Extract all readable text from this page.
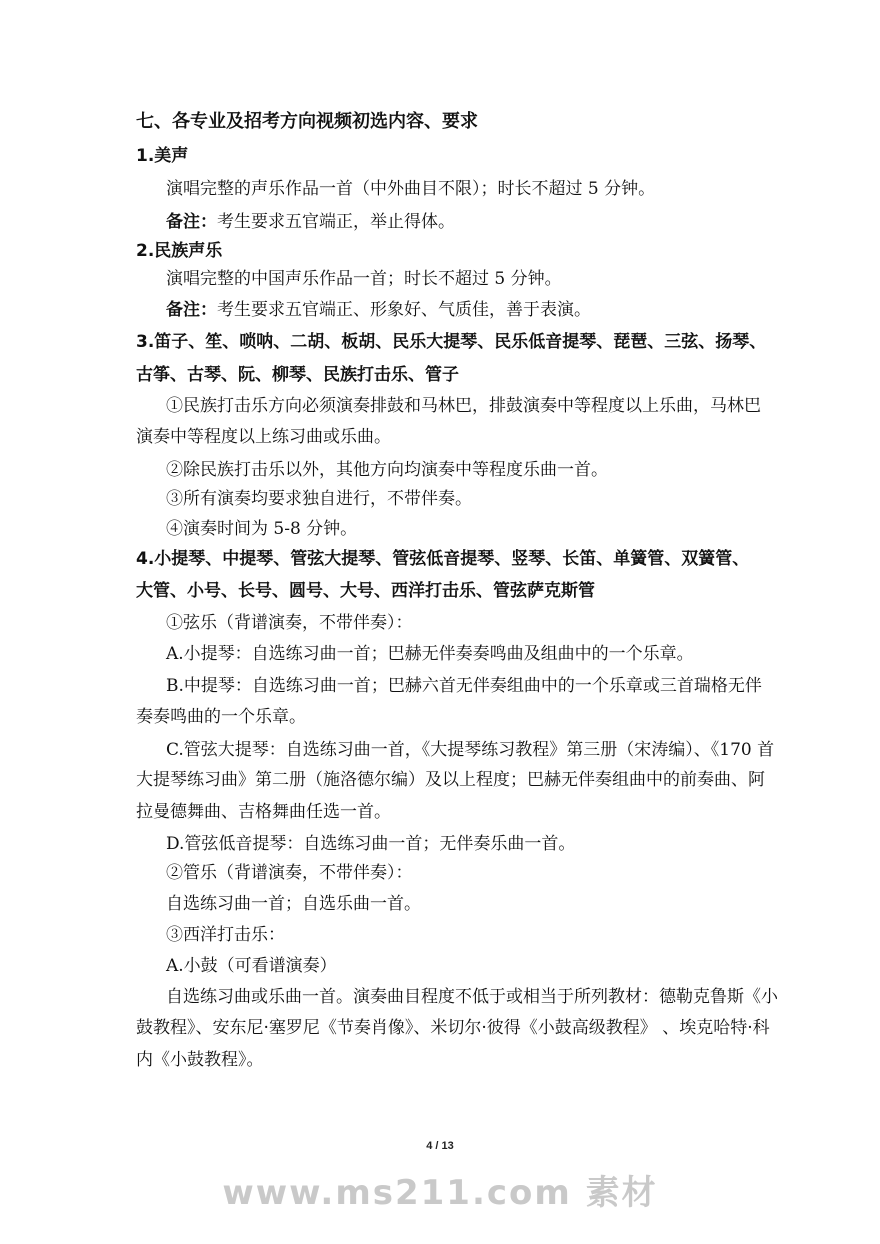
七、各专业及招考方向视频初选内容、要求
1.美声
演唱完整的声乐作品一首（中外曲目不限）；时长不超过 5 分钟。
备注：考生要求五官端正，举止得体。
2.民族声乐
演唱完整的中国声乐作品一首；时长不超过 5 分钟。
备注：考生要求五官端正、形象好、气质佳，善于表演。
3.笛子、笙、唢呐、二胡、板胡、民乐大提琴、民乐低音提琴、琵琶、三弦、扬琴、
古筝、古琴、阮、柳琴、民族打击乐、管子
①民族打击乐方向必须演奏排鼓和马林巴，排鼓演奏中等程度以上乐曲，马林巴
演奏中等程度以上练习曲或乐曲。
②除民族打击乐以外，其他方向均演奏中等程度乐曲一首。
③所有演奏均要求独自进行，不带伴奏。
④演奏时间为 5-8 分钟。
4.小提琴、中提琴、管弦大提琴、管弦低音提琴、竖琴、长笛、单簧管、双簧管、
大管、小号、长号、圆号、大号、西洋打击乐、管弦萨克斯管
①弦乐（背谱演奏，不带伴奏）：
A.小提琴：自选练习曲一首；巴赫无伴奏奏鸣曲及组曲中的一个乐章。
B.中提琴：自选练习曲一首；巴赫六首无伴奏组曲中的一个乐章或三首瑞格无伴
奏奏鸣曲的一个乐章。
C.管弦大提琴：自选练习曲一首，《大提琴练习教程》第三册（宋涛编）、《170 首
大提琴练习曲》第二册（施洛德尔编）及以上程度；巴赫无伴奏组曲中的前奏曲、阿
拉曼德舞曲、吉格舞曲任选一首。
D.管弦低音提琴：自选练习曲一首；无伴奏乐曲一首。
②管乐（背谱演奏，不带伴奏）：
自选练习曲一首；自选乐曲一首。
③西洋打击乐：
A.小鼓（可看谱演奏）
自选练习曲或乐曲一首。演奏曲目程度不低于或相当于所列教材：德勒克鲁斯《小
鼓教程》、安东尼·塞罗尼《节奏肖像》、米切尔·彼得《小鼓高级教程》 、埃克哈特·科
内《小鼓教程》。
4 / 13
www.ms211.com 素材
